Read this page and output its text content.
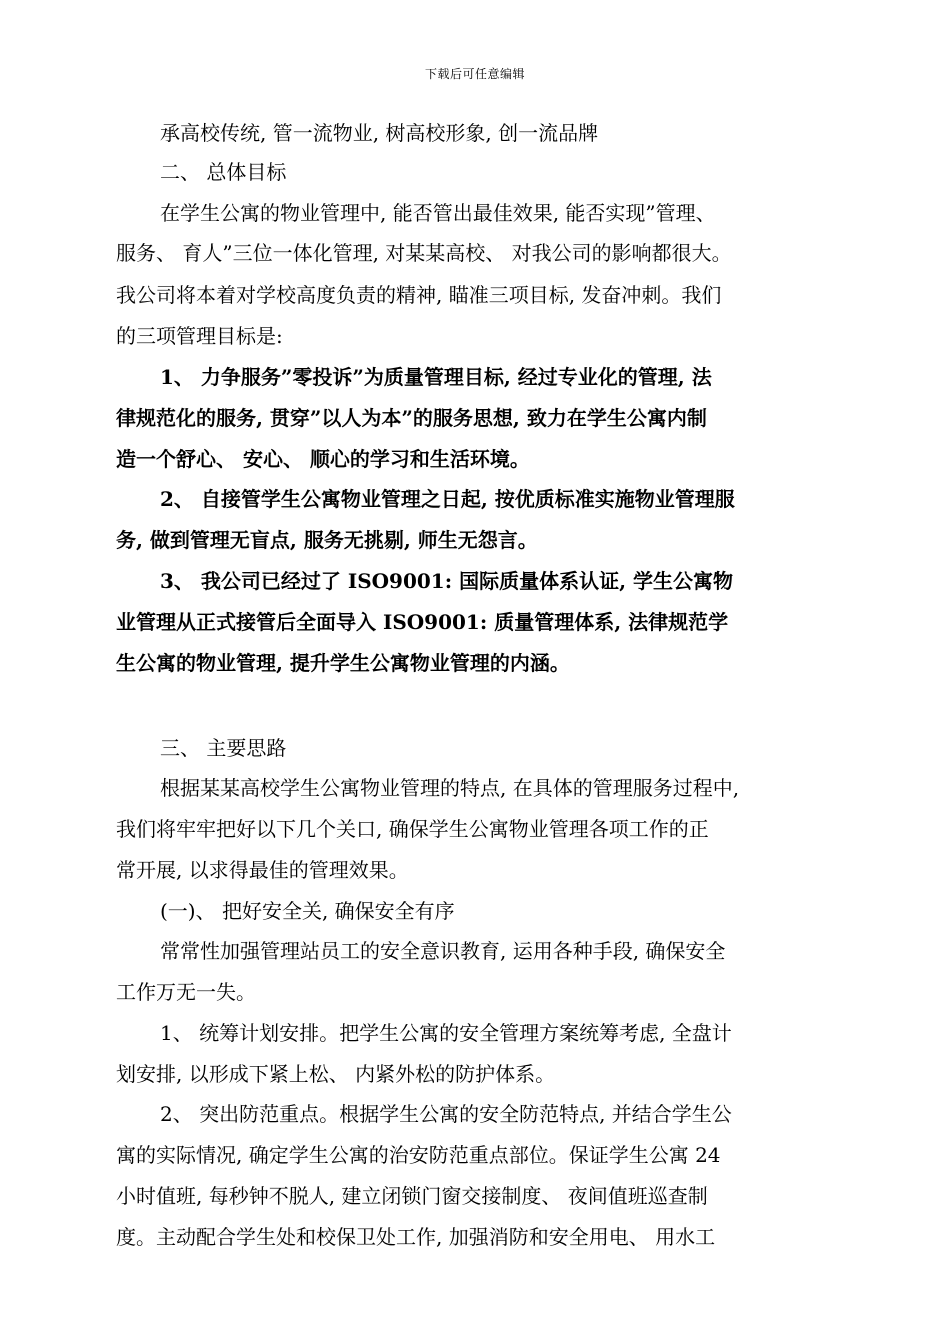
下载后可任意编辑

承高校传统, 管一流物业, 树高校形象, 创一流品牌

二、 总体目标

在学生公寓的物业管理中, 能否管出最佳效果, 能否实现”管理、

服务、 育人”三位一体化管理, 对某某高校、 对我公司的影响都很大。

我公司将本着对学校高度负责的精神, 瞄准三项目标, 发奋冲刺。我们

的三项管理目标是:

1、 力争服务”零投诉”为质量管理目标, 经过专业化的管理, 法

律规范化的服务, 贯穿”以人为本”的服务思想, 致力在学生公寓内制

造一个舒心、 安心、 顺心的学习和生活环境。

2、 自接管学生公寓物业管理之日起, 按优质标准实施物业管理服

务, 做到管理无盲点, 服务无挑剔, 师生无怨言。

3、 我公司已经过了 ISO9001: 国际质量体系认证, 学生公寓物

业管理从正式接管后全面导入 ISO9001: 质量管理体系, 法律规范学

生公寓的物业管理, 提升学生公寓物业管理的内涵。

三、 主要思路

根据某某高校学生公寓物业管理的特点, 在具体的管理服务过程中,

我们将牢牢把好以下几个关口, 确保学生公寓物业管理各项工作的正

常开展, 以求得最佳的管理效果。

(一)、 把好安全关, 确保安全有序

常常性加强管理站员工的安全意识教育, 运用各种手段, 确保安全

工作万无一失。

1、 统筹计划安排。把学生公寓的安全管理方案统筹考虑, 全盘计

划安排, 以形成下紧上松、 内紧外松的防护体系。

2、 突出防范重点。根据学生公寓的安全防范特点, 并结合学生公

寓的实际情况, 确定学生公寓的治安防范重点部位。保证学生公寓 24

小时值班, 每秒钟不脱人, 建立闭锁门窗交接制度、 夜间值班巡查制

度。主动配合学生处和校保卫处工作, 加强消防和安全用电、 用水工
